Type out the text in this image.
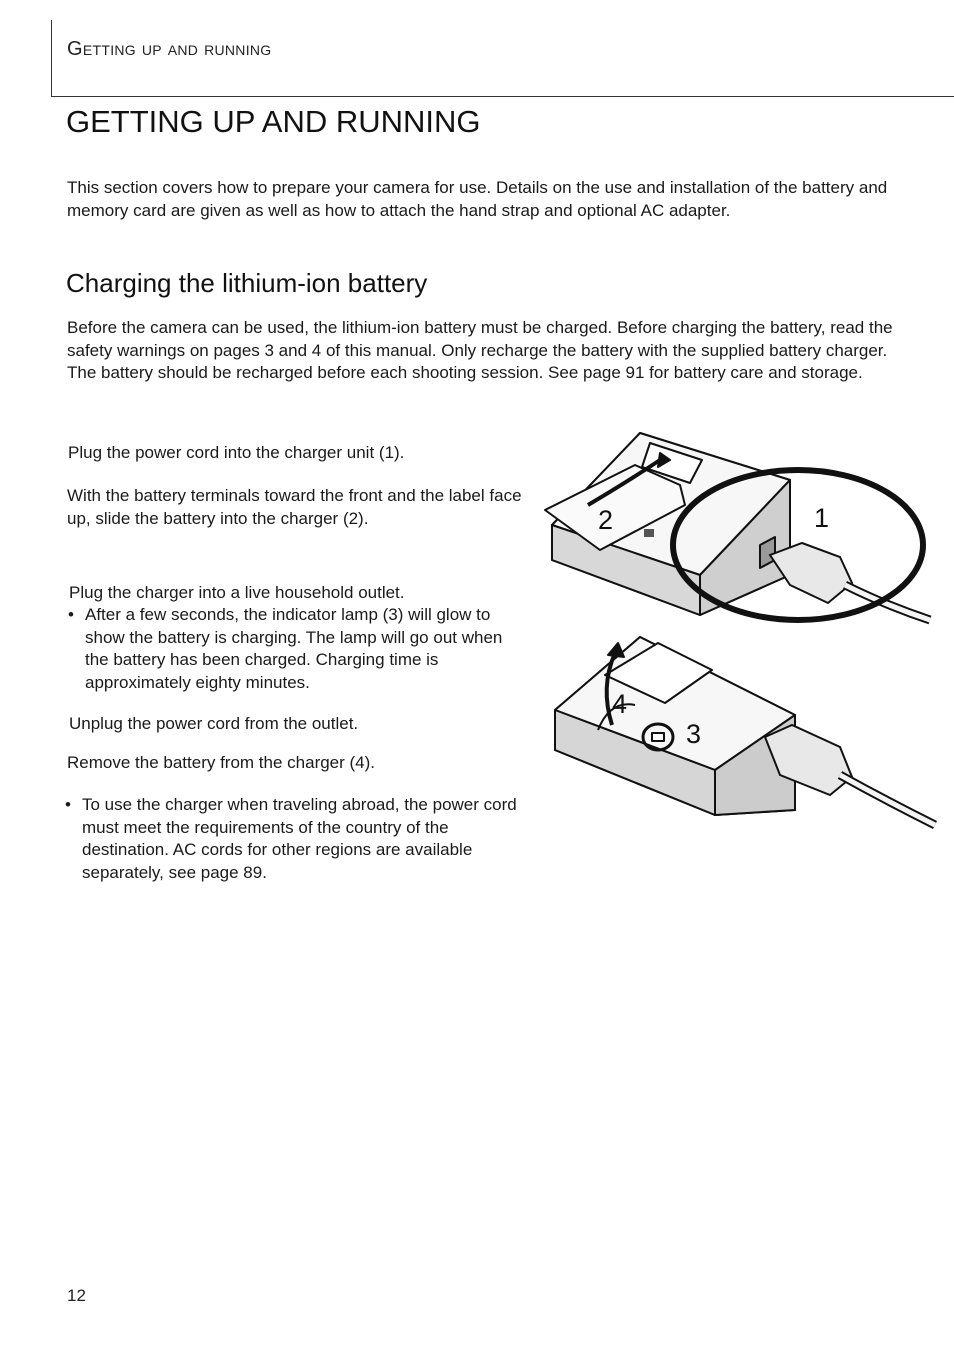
Getting up and running
GETTING UP AND RUNNING

This section covers how to prepare your camera for use. Details on the use and installation of the battery and memory card are given as well as how to attach the hand strap and optional AC adapter.

Charging the lithium-ion battery

Before the camera can be used, the lithium-ion battery must be charged. Before charging the battery, read the safety warnings on pages 3 and 4 of this manual. Only recharge the battery with the supplied battery charger. The battery should be recharged before each shooting session. See page 91 for battery care and storage.

Plug the power cord into the charger unit (1).

With the battery terminals toward the front and the label face up, slide the battery into the charger (2).

Plug the charger into a live household outlet.

• After a few seconds, the indicator lamp (3) will glow to show the battery is charging. The lamp will go out when the battery has been charged. Charging time is approximately eighty minutes.

Unplug the power cord from the outlet.

Remove the battery from the charger (4).

• To use the charger when traveling abroad, the power cord must meet the requirements of the country of the destination. AC cords for other regions are available separately, see page 89.
1
2
3
4
12
